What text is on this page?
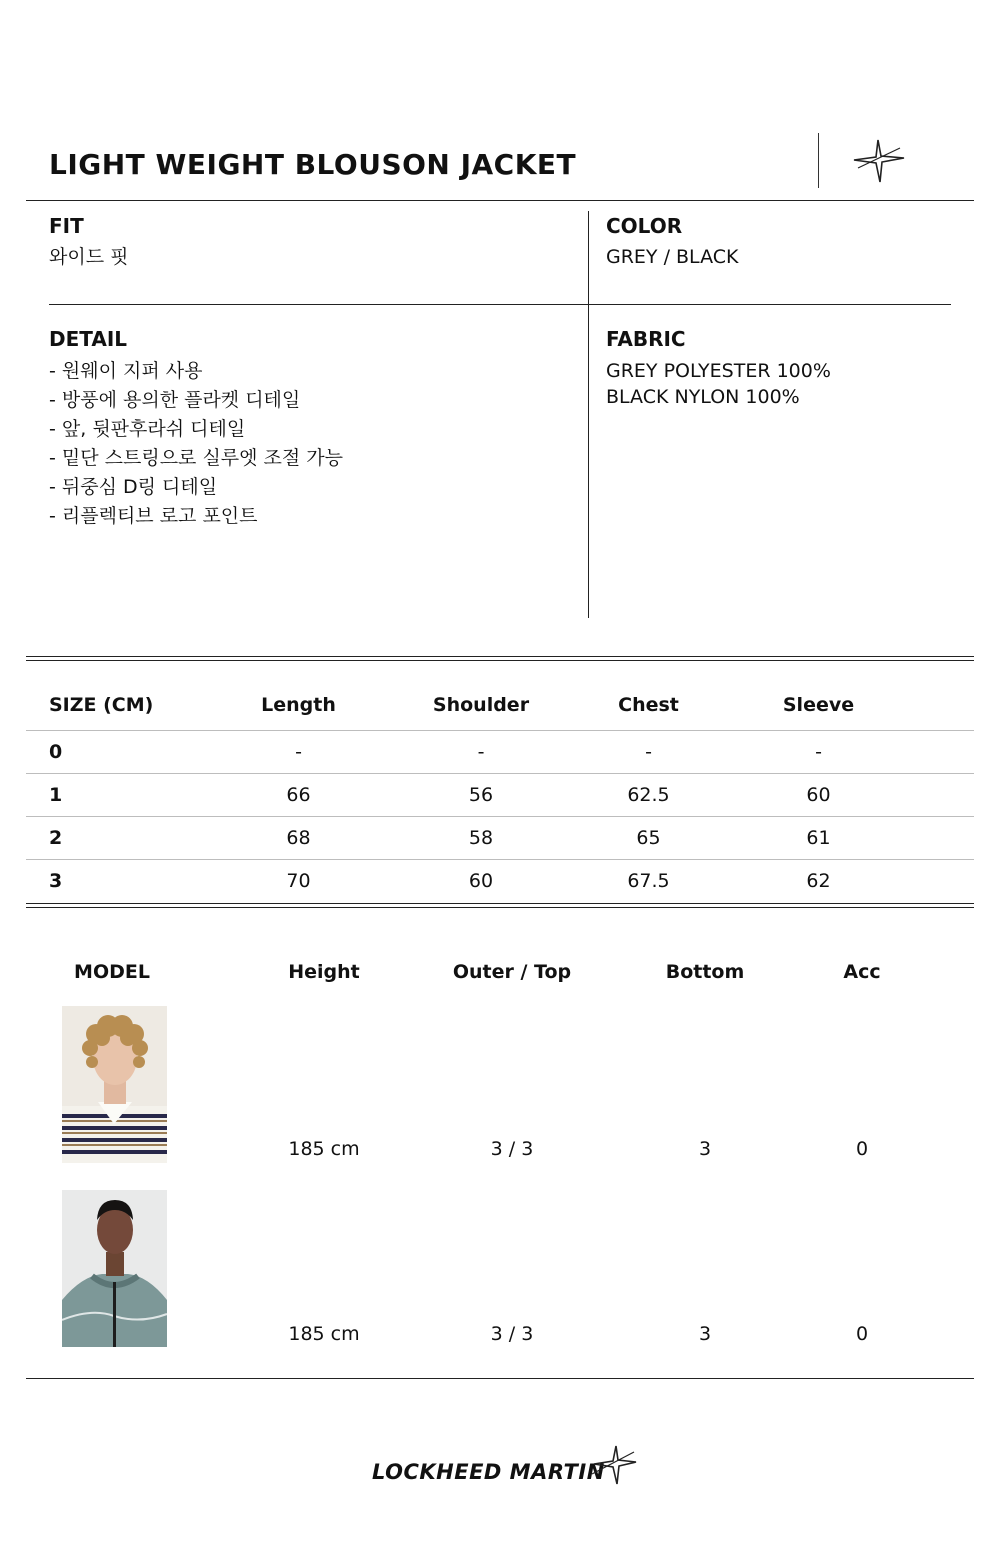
LIGHT WEIGHT BLOUSON JACKET
FIT
와이드 핏
COLOR
GREY / BLACK
DETAIL
- 원웨이 지퍼 사용
- 방풍에 용의한 플라켓 디테일
- 앞, 뒷판후라쉬 디테일
- 밑단 스트링으로 실루엣 조절 가능
- 뒤중심 D링 디테일
- 리플렉티브 로고 포인트
FABRIC
GREY POLYESTER 100%
BLACK NYLON 100%
SIZE (CM)	Length	Shoulder	Chest	Sleeve	
0	-	-	-	-	
1	66	56	62.5	60	
2	68	58	65	61	
3	70	60	67.5	62	
MODEL	Height	Outer / Top	Bottom	Acc
185 cm	3 / 3	3	0
185 cm	3 / 3	3	0
LOCKHEED MARTIN
